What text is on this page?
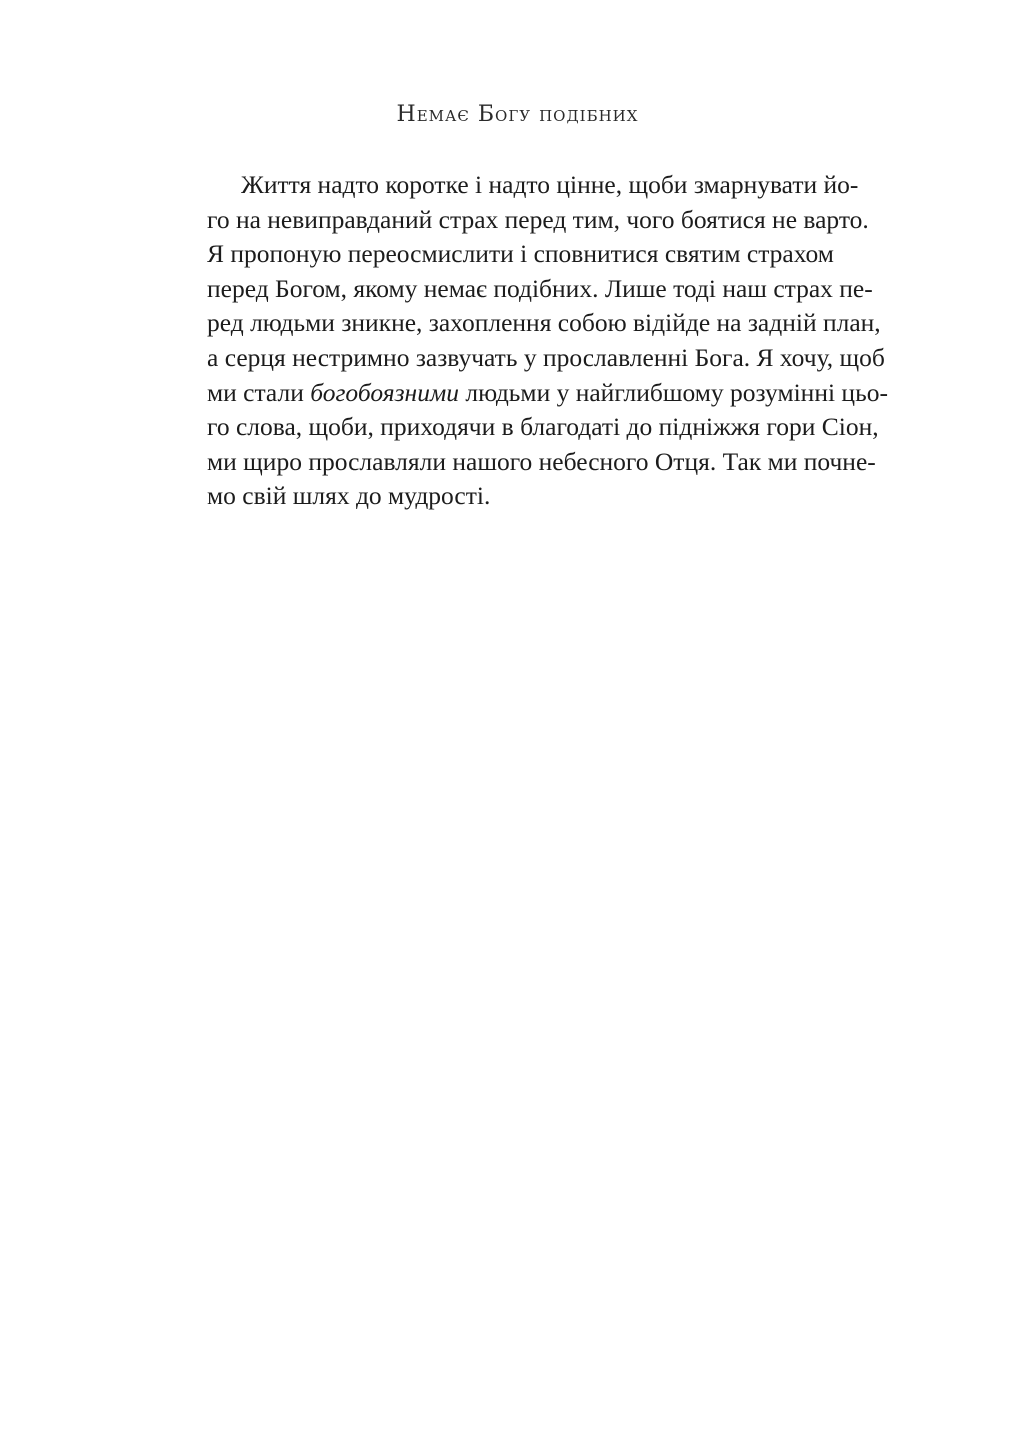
Немає Богу подібних
Життя надто коротке і надто цінне, щоби змарнувати йо-
го на невиправданий страх перед тим, чого боятися не варто.
Я пропоную переосмислити і сповнитися святим страхом
перед Богом, якому немає подібних. Лише тоді наш страх пе-
ред людьми зникне, захоплення собою відійде на задній план,
а серця нестримно зазвучать у прославленні Бога. Я хочу, щоб
ми стали богобоязними людьми у найглибшому розумінні цьо-
го слова, щоби, приходячи в благодаті до підніжжя гори Сіон,
ми щиро прославляли нашого небесного Отця. Так ми почне-
мо свій шлях до мудрості.
